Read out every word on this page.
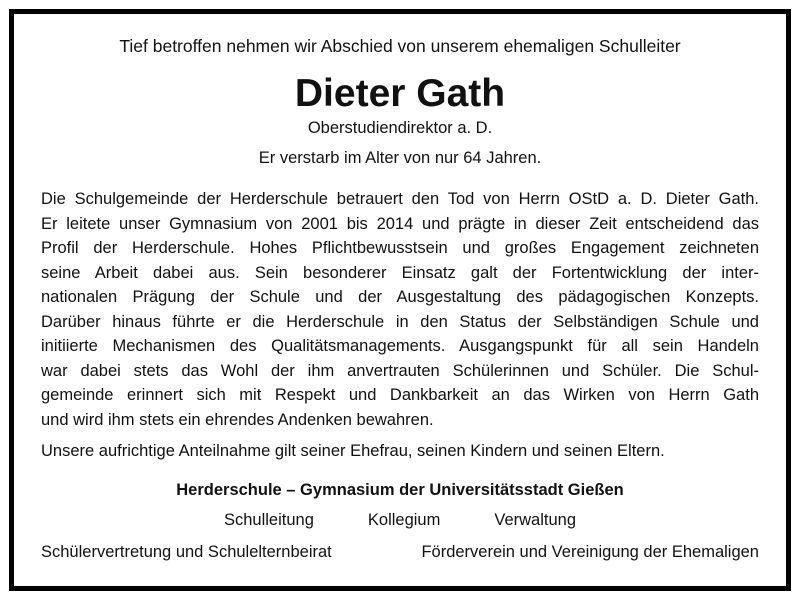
Tief betroffen nehmen wir Abschied von unserem ehemaligen Schulleiter
Dieter Gath
Oberstudiendirektor a. D.
Er verstarb im Alter von nur 64 Jahren.
Die Schulgemeinde der Herderschule betrauert den Tod von Herrn OStD a. D. Dieter Gath.
Er leitete unser Gymnasium von 2001 bis 2014 und prägte in dieser Zeit entscheidend das
Profil der Herderschule. Hohes Pflichtbewusstsein und großes Engagement zeichneten
seine Arbeit dabei aus. Sein besonderer Einsatz galt der Fortentwicklung der inter-
nationalen Prägung der Schule und der Ausgestaltung des pädagogischen Konzepts.
Darüber hinaus führte er die Herderschule in den Status der Selbständigen Schule und
initiierte Mechanismen des Qualitätsmanagements. Ausgangspunkt für all sein Handeln
war dabei stets das Wohl der ihm anvertrauten Schülerinnen und Schüler. Die Schul-
gemeinde erinnert sich mit Respekt und Dankbarkeit an das Wirken von Herrn Gath
und wird ihm stets ein ehrendes Andenken bewahren.
Unsere aufrichtige Anteilnahme gilt seiner Ehefrau, seinen Kindern und seinen Eltern.
Herderschule – Gymnasium der Universitätsstadt Gießen
Schulleitung	Kollegium	Verwaltung
Schülervertretung und Schulelternbeirat	Förderverein und Vereinigung der Ehemaligen
